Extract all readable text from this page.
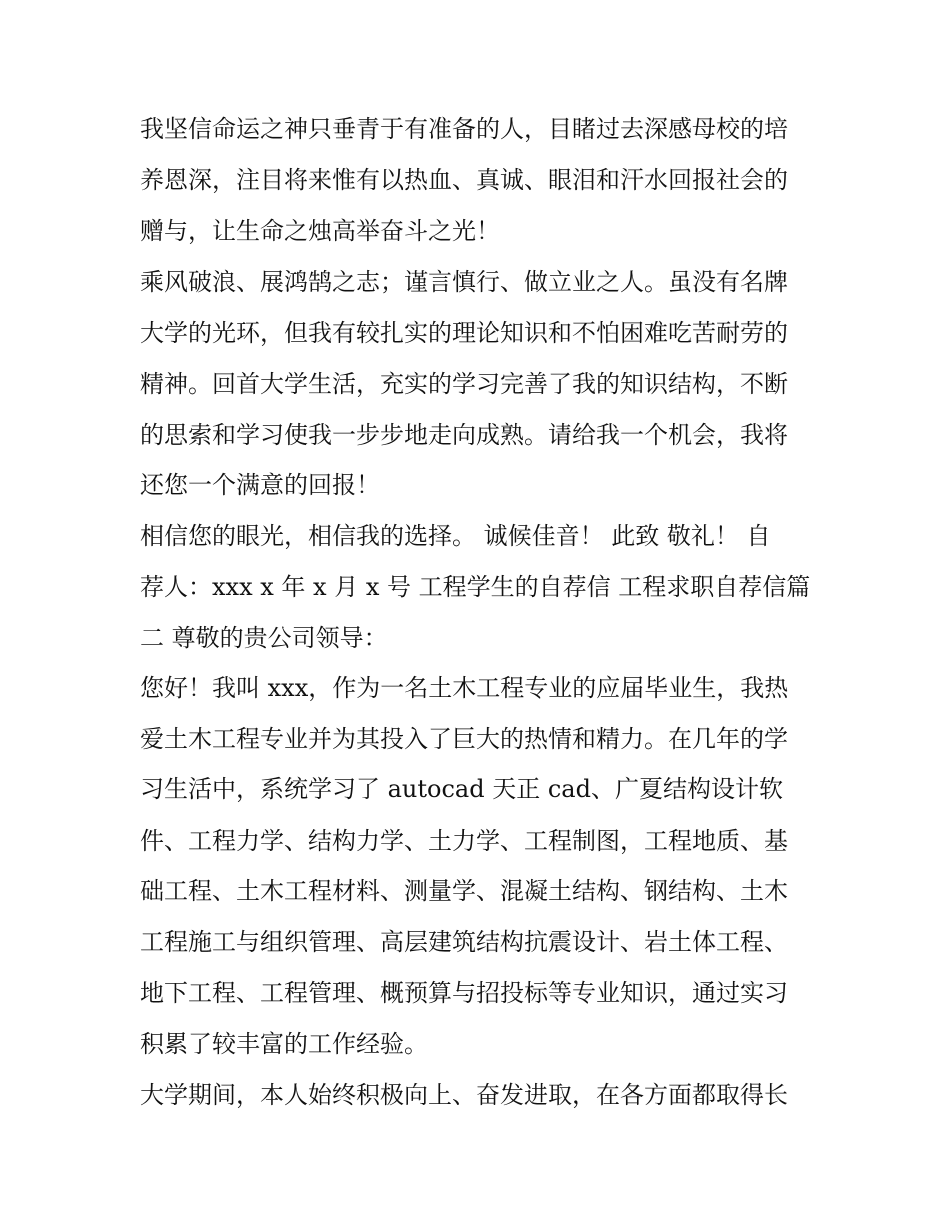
我坚信命运之神只垂青于有准备的人，目睹过去深感母校的培
养恩深，注目将来惟有以热血、真诚、眼泪和汗水回报社会的
赠与，让生命之烛高举奋斗之光！
乘风破浪、展鸿鹄之志；谨言慎行、做立业之人。虽没有名牌
大学的光环，但我有较扎实的理论知识和不怕困难吃苦耐劳的
精神。回首大学生活，充实的学习完善了我的知识结构，不断
的思索和学习使我一步步地走向成熟。请给我一个机会，我将
还您一个满意的回报！
相信您的眼光，相信我的选择。 诚候佳音！ 此致 敬礼！ 自
荐人：xxx x 年 x 月 x 号 工程学生的自荐信 工程求职自荐信篇
二 尊敬的贵公司领导：
您好！我叫 xxx，作为一名土木工程专业的应届毕业生，我热
爱土木工程专业并为其投入了巨大的热情和精力。在几年的学
习生活中，系统学习了 autocad 天正 cad、广夏结构设计软
件、工程力学、结构力学、土力学、工程制图，工程地质、基
础工程、土木工程材料、测量学、混凝土结构、钢结构、土木
工程施工与组织管理、高层建筑结构抗震设计、岩土体工程、
地下工程、工程管理、概预算与招投标等专业知识，通过实习
积累了较丰富的工作经验。
大学期间，本人始终积极向上、奋发进取，在各方面都取得长
